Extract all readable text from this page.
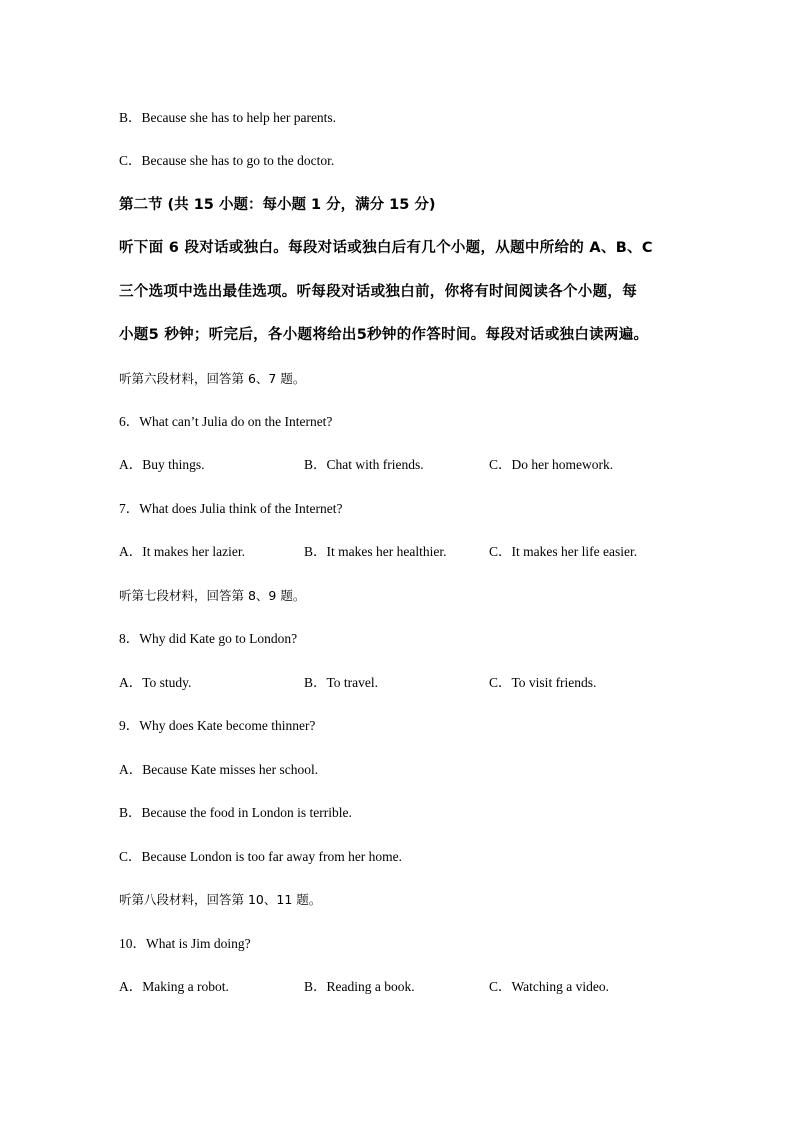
B．Because she has to help her parents.
C．Because she has to go to the doctor.
第二节 (共 15 小题：每小题 1 分，满分 15 分)
听下面 6 段对话或独白。每段对话或独白后有几个小题，从题中所给的 A、B、C
三个选项中选出最佳选项。听每段对话或独白前，你将有时间阅读各个小题，每
小题5 秒钟；听完后，各小题将给出5秒钟的作答时间。每段对话或独白读两遍。
听第六段材料，回答第 6、7 题。
6．What can’t Julia do on the Internet?
A．Buy things.	B．Chat with friends.	C．Do her homework.
7．What does Julia think of the Internet?
A．It makes her lazier.	B．It makes her healthier.	C．It makes her life easier.
听第七段材料，回答第 8、9 题。
8．Why did Kate go to London?
A．To study.	B．To travel.	C．To visit friends.
9．Why does Kate become thinner?
A．Because Kate misses her school.
B．Because the food in London is terrible.
C．Because London is too far away from her home.
听第八段材料，回答第 10、11 题。
10．What is Jim doing?
A．Making a robot.	B．Reading a book.	C．Watching a video.
